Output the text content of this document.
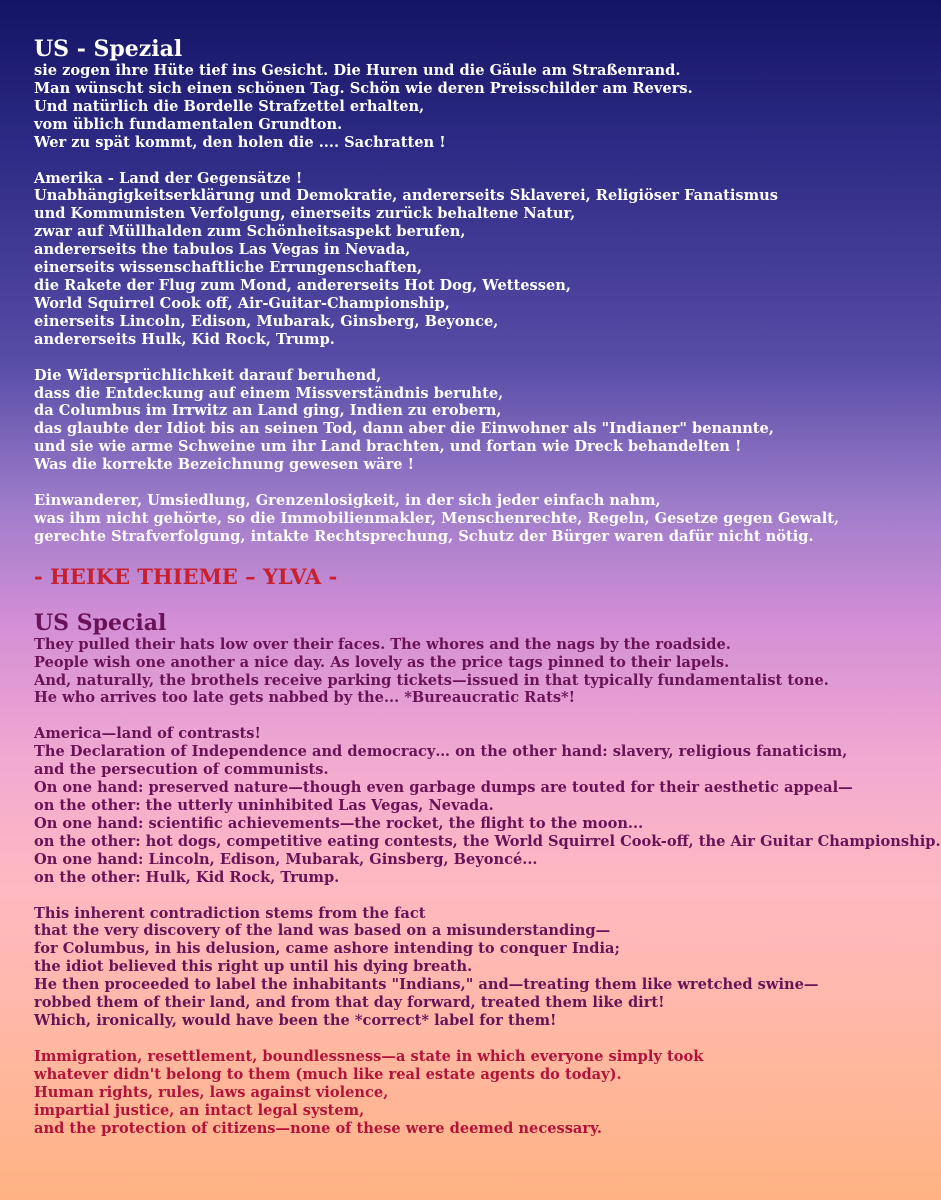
US - Spezial

sie zogen ihre Hüte tief ins Gesicht. Die Huren und die Gäule am Straßenrand.
Man wünscht sich einen schönen Tag. Schön wie deren Preisschilder am Revers.
Und natürlich die Bordelle Strafzettel erhalten,
vom üblich fundamentalen Grundton.
Wer zu spät kommt, den holen die .... Sachratten !

Amerika - Land der Gegensätze !
Unabhängigkeitserklärung und Demokratie, andererseits Sklaverei, Religiöser Fanatismus
und Kommunisten Verfolgung, einerseits zurück behaltene Natur,
zwar auf Müllhalden zum Schönheitsaspekt berufen,
andererseits the tabulos Las Vegas in Nevada,
einerseits wissenschaftliche Errungenschaften,
die Rakete der Flug zum Mond, andererseits Hot Dog, Wettessen,
World Squirrel Cook off, Air-Guitar-Championship,
einerseits Lincoln, Edison, Mubarak, Ginsberg, Beyonce,
andererseits Hulk, Kid Rock, Trump.

Die Widersprüchlichkeit darauf beruhend,
dass die Entdeckung auf einem Missverständnis beruhte,
da Columbus im Irrwitz an Land ging, Indien zu erobern,
das glaubte der Idiot bis an seinen Tod, dann aber die Einwohner als "Indianer" benannte,
und sie wie arme Schweine um ihr Land brachten, und fortan wie Dreck behandelten !
Was die korrekte Bezeichnung gewesen wäre !

Einwanderer, Umsiedlung, Grenzenlosigkeit, in der sich jeder einfach nahm,
was ihm nicht gehörte, so die Immobilienmakler, Menschenrechte, Regeln, Gesetze gegen Gewalt,
gerechte Strafverfolgung, intakte Rechtsprechung, Schutz der Bürger waren dafür nicht nötig.

- HEIKE THIEME – YLVA -
US Special

They pulled their hats low over their faces. The whores and the nags by the roadside.
People wish one another a nice day. As lovely as the price tags pinned to their lapels.
And, naturally, the brothels receive parking tickets—issued in that typically fundamentalist tone.
He who arrives too late gets nabbed by the... *Bureaucratic Rats*!

America—land of contrasts!
The Declaration of Independence and democracy… on the other hand: slavery, religious fanaticism,
and the persecution of communists.
On one hand: preserved nature—though even garbage dumps are touted for their aesthetic appeal—
on the other: the utterly uninhibited Las Vegas, Nevada.
On one hand: scientific achievements—the rocket, the flight to the moon...
on the other: hot dogs, competitive eating contests, the World Squirrel Cook-off, the Air Guitar Championship.
On one hand: Lincoln, Edison, Mubarak, Ginsberg, Beyoncé...
on the other: Hulk, Kid Rock, Trump.

This inherent contradiction stems from the fact
that the very discovery of the land was based on a misunderstanding—
for Columbus, in his delusion, came ashore intending to conquer India;
the idiot believed this right up until his dying breath.
He then proceeded to label the inhabitants "Indians," and—treating them like wretched swine—
robbed them of their land, and from that day forward, treated them like dirt!
Which, ironically, would have been the *correct* label for them!

Immigration, resettlement, boundlessness—a state in which everyone simply took
whatever didn't belong to them (much like real estate agents do today).
Human rights, rules, laws against violence,
impartial justice, an intact legal system,
and the protection of citizens—none of these were deemed necessary.
